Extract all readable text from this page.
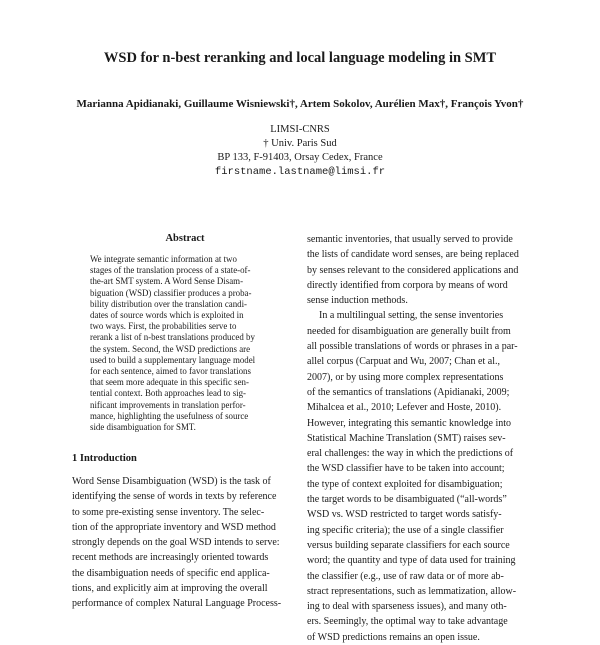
WSD for n-best reranking and local language modeling in SMT
Marianna Apidianaki, Guillaume Wisniewski†, Artem Sokolov, Aurélien Max†, François Yvon†
LIMSI-CNRS
† Univ. Paris Sud
BP 133, F-91403, Orsay Cedex, France
firstname.lastname@limsi.fr
Abstract
We integrate semantic information at two
stages of the translation process of a state-of-
the-art SMT system. A Word Sense Disam-
biguation (WSD) classifier produces a proba-
bility distribution over the translation candi-
dates of source words which is exploited in
two ways. First, the probabilities serve to
rerank a list of n-best translations produced by
the system. Second, the WSD predictions are
used to build a supplementary language model
for each sentence, aimed to favor translations
that seem more adequate in this specific sen-
tential context. Both approaches lead to sig-
nificant improvements in translation perfor-
mance, highlighting the usefulness of source
side disambiguation for SMT.
1 Introduction
Word Sense Disambiguation (WSD) is the task of
identifying the sense of words in texts by reference
to some pre-existing sense inventory. The selec-
tion of the appropriate inventory and WSD method
strongly depends on the goal WSD intends to serve:
recent methods are increasingly oriented towards
the disambiguation needs of specific end applica-
tions, and explicitly aim at improving the overall
performance of complex Natural Language Process-
semantic inventories, that usually served to provide
the lists of candidate word senses, are being replaced
by senses relevant to the considered applications and
directly identified from corpora by means of word
sense induction methods.
In a multilingual setting, the sense inventories
needed for disambiguation are generally built from
all possible translations of words or phrases in a par-
allel corpus (Carpuat and Wu, 2007; Chan et al.,
2007), or by using more complex representations
of the semantics of translations (Apidianaki, 2009;
Mihalcea et al., 2010; Lefever and Hoste, 2010).
However, integrating this semantic knowledge into
Statistical Machine Translation (SMT) raises sev-
eral challenges: the way in which the predictions of
the WSD classifier have to be taken into account;
the type of context exploited for disambiguation;
the target words to be disambiguated (“all-words”
WSD vs. WSD restricted to target words satisfy-
ing specific criteria); the use of a single classifier
versus building separate classifiers for each source
word; the quantity and type of data used for training
the classifier (e.g., use of raw data or of more ab-
stract representations, such as lemmatization, allow-
ing to deal with sparseness issues), and many oth-
ers. Seemingly, the optimal way to take advantage
of WSD predictions remains an open issue.
